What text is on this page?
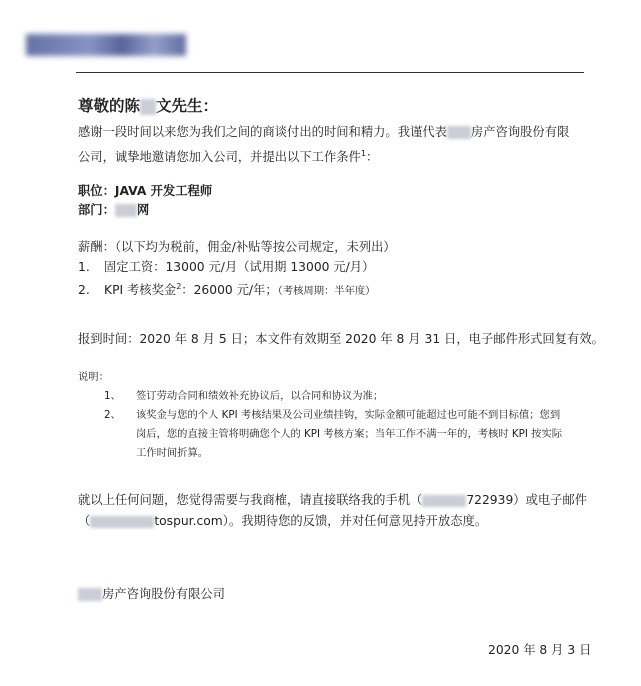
尊敬的陈 文先生：
感谢一段时间以来您为我们之间的商谈付出的时间和精力。我谨代表 房产咨询股份有限
公司，诚挚地邀请您加入公司，并提出以下工作条件$^1$：
职位：JAVA 开发工程师
部门： 网
薪酬：（以下均为税前，佣金/补贴等按公司规定，未列出）
1. 固定工资：13000 元/月（试用期 13000 元/月）
2. KPI 考核奖金$^2$：26000 元/年；（考核周期：半年度）
报到时间：2020 年 8 月 5 日；本文件有效期至 2020 年 8 月 31 日，电子邮件形式回复有效。
说明：
1、 签订劳动合同和绩效补充协议后，以合同和协议为准；
2、 该奖金与您的个人 KPI 考核结果及公司业绩挂钩，实际金额可能超过也可能不到目标值；您到
岗后，您的直接主管将明确您个人的 KPI 考核方案；当年工作不满一年的，考核时 KPI 按实际
工作时间折算。
就以上任何问题，您觉得需要与我商榷，请直接联络我的手机（	722939）或电子邮件
（	tospur.com）。我期待您的反馈，并对任何意见持开放态度。
房产咨询股份有限公司
2020 年 8 月 3 日
